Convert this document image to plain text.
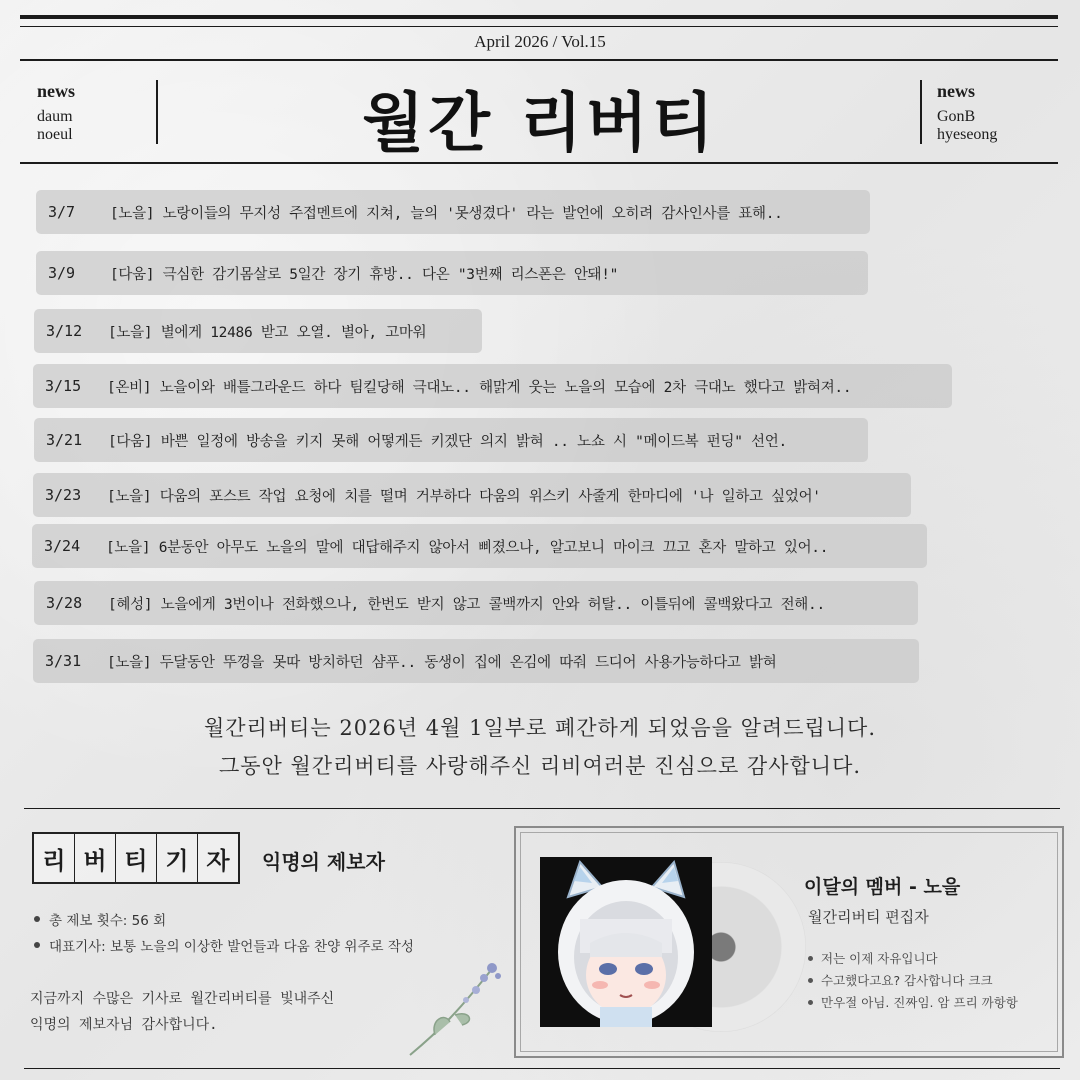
April 2026 / Vol.15
news
daum
noeul	월간 리버티	news
GonB
hyeseong
3/7	[노을] 노랑이들의 무지성 주접멘트에 지쳐, 늘의 '못생겼다' 라는 발언에 오히려 감사인사를 표해..
3/9	[다움] 극심한 감기몸살로 5일간 장기 휴방.. 다온 "3번째 리스폰은 안돼!"
3/12	[노을] 별에게 12486 받고 오열. 별아, 고마워
3/15	[온비] 노을이와 배틀그라운드 하다 팀킬당해 극대노.. 해맑게 웃는 노을의 모습에 2차 극대노 했다고 밝혀져..
3/21	[다움] 바쁜 일정에 방송을 키지 못해 어떻게든 키겠단 의지 밝혀 .. 노쇼 시 "메이드복 펀딩" 선언.
3/23	[노을] 다움의 포스트 작업 요청에 치를 떨며 거부하다 다움의 위스키 사줄게 한마디에 '나 일하고 싶었어'
3/24	[노을] 6분동안 아무도 노을의 말에 대답해주지 않아서 삐졌으나, 알고보니 마이크 끄고 혼자 말하고 있어..
3/28	[혜성] 노을에게 3번이나 전화했으나, 한번도 받지 않고 콜백까지 안와 허탈.. 이틀뒤에 콜백왔다고 전해..
3/31	[노을] 두달동안 뚜껑을 못따 방치하던 샴푸.. 동생이 집에 온김에 따줘 드디어 사용가능하다고 밝혀
월간리버티는 2026년 4월 1일부로 폐간하게 되었음을 알려드립니다.
그동안 월간리버티를 사랑해주신 리비여러분 진심으로 감사합니다.
리 버 티 기 자	익명의 제보자
총 제보 횟수: 56 회
대표기사: 보통 노을의 이상한 발언들과 다움 찬양 위주로 작성
지금까지 수많은 기사로 월간리버티를 빛내주신
익명의 제보자님 감사합니다.
이달의 멤버 - 노을
월간리버티 편집자
저는 이제 자유입니다
수고했다고요? 감사합니다 크크
만우절 아님. 진짜임. 암 프리 까항항
